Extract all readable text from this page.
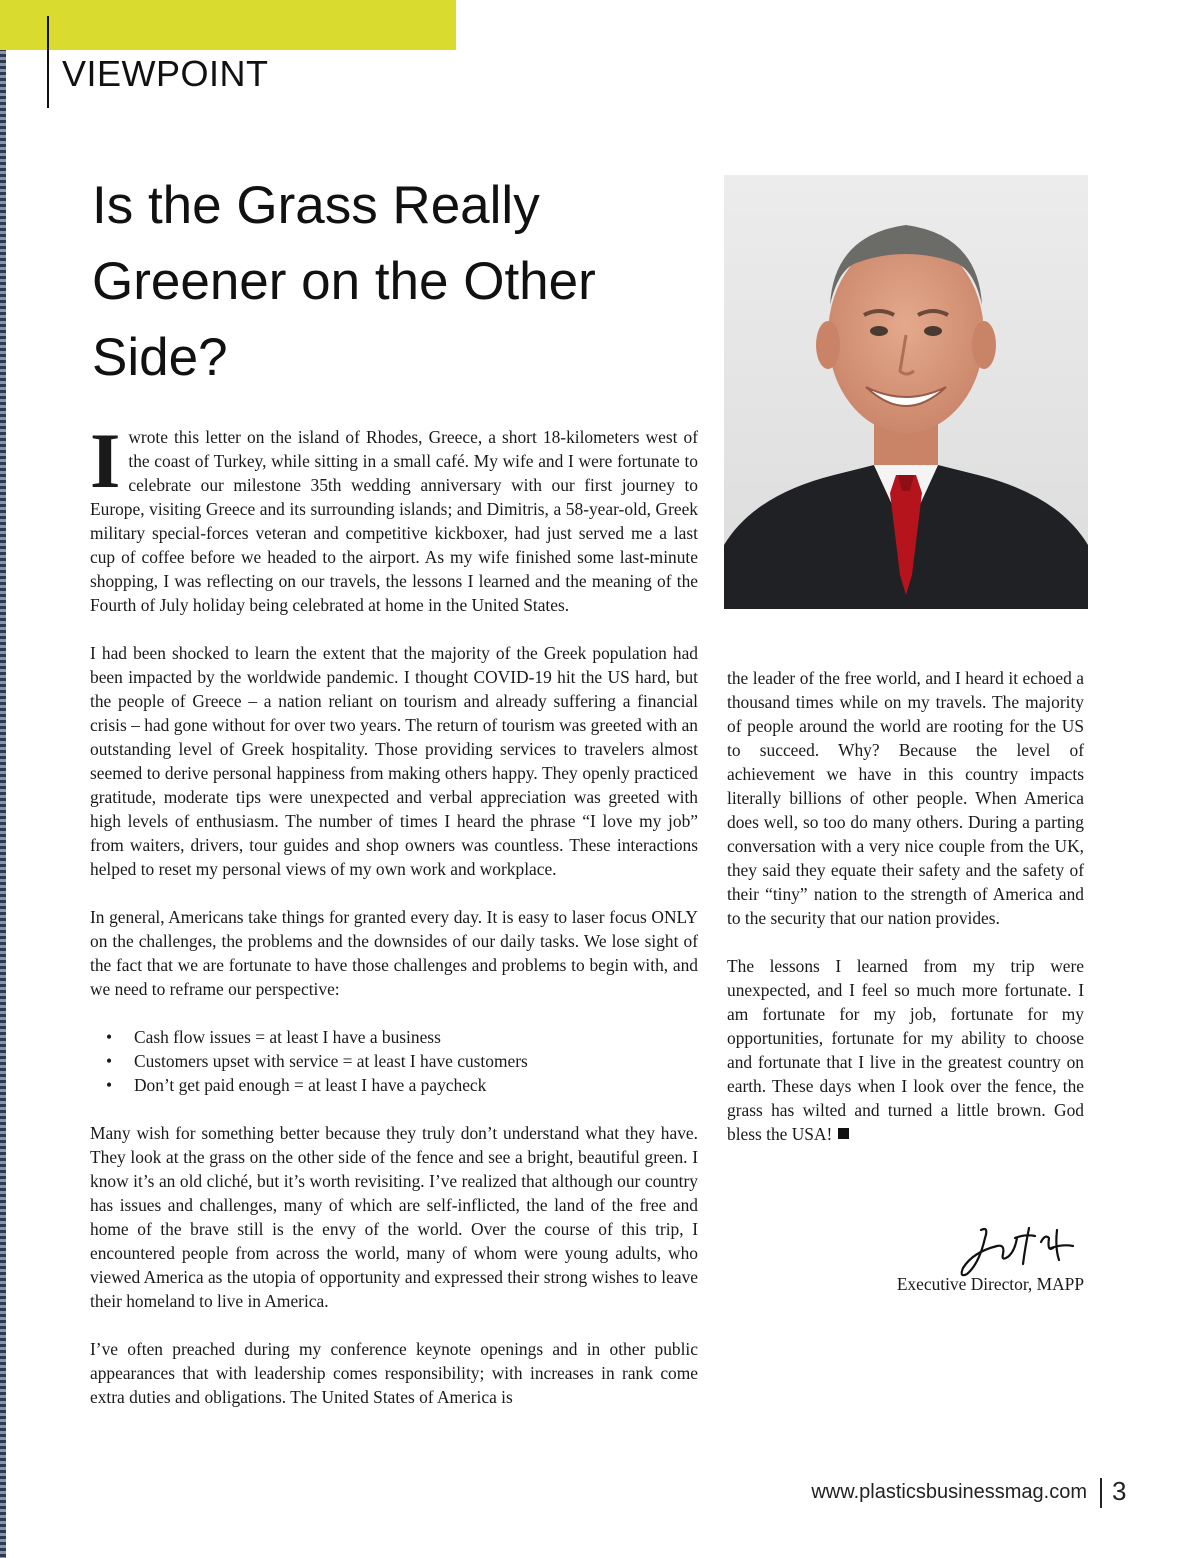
VIEWPOINT
Is the Grass Really Greener on the Other Side?

Iwrote this letter on the island of Rhodes, Greece, a short 18-kilometers west of the coast of Turkey, while sitting in a small café. My wife and I were fortunate to celebrate our milestone 35th wedding anniversary with our first journey to Europe, visiting Greece and its surrounding islands; and Dimitris, a 58-year-old, Greek military special-forces veteran and competitive kickboxer, had just served me a last cup of coffee before we headed to the airport. As my wife finished some last-minute shopping, I was reflecting on our travels, the lessons I learned and the meaning of the Fourth of July holiday being celebrated at home in the United States.

I had been shocked to learn the extent that the majority of the Greek population had been impacted by the worldwide pandemic. I thought COVID-19 hit the US hard, but the people of Greece – a nation reliant on tourism and already suffering a financial crisis – had gone without for over two years. The return of tourism was greeted with an outstanding level of Greek hospitality. Those providing services to travelers almost seemed to derive personal happiness from making others happy. They openly practiced gratitude, moderate tips were unexpected and verbal appreciation was greeted with high levels of enthusiasm. The number of times I heard the phrase “I love my job” from waiters, drivers, tour guides and shop owners was countless. These interactions helped to reset my personal views of my own work and workplace.

In general, Americans take things for granted every day. It is easy to laser focus ONLY on the challenges, the problems and the downsides of our daily tasks. We lose sight of the fact that we are fortunate to have those challenges and problems to begin with, and we need to reframe our perspective:

• Cash flow issues = at least I have a business
• Customers upset with service = at least I have customers
• Don’t get paid enough = at least I have a paycheck

Many wish for something better because they truly don’t understand what they have. They look at the grass on the other side of the fence and see a bright, beautiful green. I know it’s an old cliché, but it’s worth revisiting. I’ve realized that although our country has issues and challenges, many of which are self-inflicted, the land of the free and home of the brave still is the envy of the world. Over the course of this trip, I encountered people from across the world, many of whom were young adults, who viewed America as the utopia of opportunity and expressed their strong wishes to leave their homeland to live in America.

I’ve often preached during my conference keynote openings and in other public appearances that with leadership comes responsibility; with increases in rank come extra duties and obligations. The United States of America is

the leader of the free world, and I heard it echoed a thousand times while on my travels. The majority of people around the world are rooting for the US to succeed. Why? Because the level of achievement we have in this country impacts literally billions of other people. When America does well, so too do many others. During a parting conversation with a very nice couple from the UK, they said they equate their safety and the safety of their “tiny” nation to the strength of America and to the security that our nation provides.

The lessons I learned from my trip were unexpected, and I feel so much more fortunate. I am fortunate for my job, fortunate for my opportunities, fortunate for my ability to choose and fortunate that I live in the greatest country on earth. These days when I look over the fence, the grass has wilted and turned a little brown. God bless the USA!

Executive Director, MAPP
www.plasticsbusinessmag.com 3
